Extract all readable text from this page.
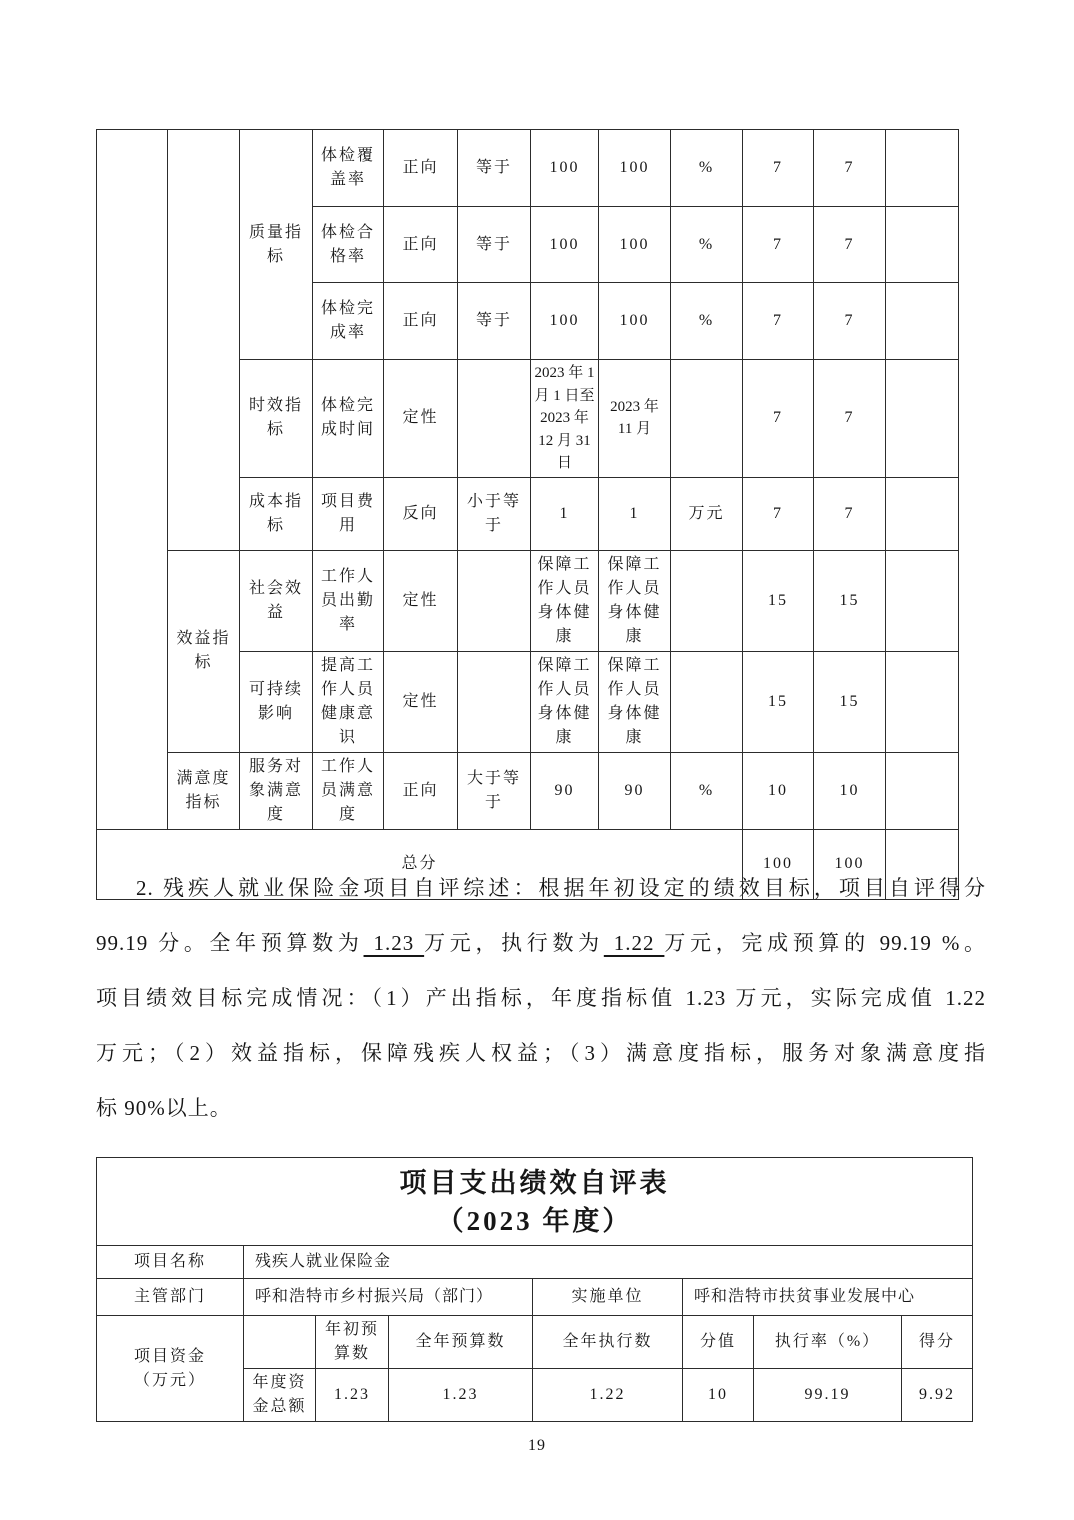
		质量指标	体检覆盖率	正向	等于	100	100	%	7	7	
			体检合格率	正向	等于	100	100	%	7	7	
			体检完成率	正向	等于	100	100	%	7	7	
		时效指标	体检完成时间	定性		2023 年 1 月 1 日至 2023 年 12 月 31 日	2023 年 11 月		7	7	
		成本指标	项目费用	反向	小于等于	1	1	万元	7	7	
	效益指标	社会效益	工作人员出勤率	定性		保障工作人员身体健康	保障工作人员身体健康		15	15	
		可持续影响	提高工作人员健康意识	定性		保障工作人员身体健康	保障工作人员身体健康		15	15	
	满意度指标	服务对象满意度	工作人员满意度	正向	大于等于	90	90	%	10	10	
总分									100	100	
2. 残疾人就业保险金项目自评综述：根据年初设定的绩效目标，项目自评得分
99.19 分。全年预算数为 1.23 万元，执行数为 1.22 万元，完成预算的 99.19 %。
项目绩效目标完成情况：（1）产出指标，年度指标值 1.23 万元，实际完成值 1.22
万元；（2）效益指标，保障残疾人权益；（3）满意度指标，服务对象满意度指
标 90%以上。
项目支出绩效自评表
（2023 年度）							

项目名称	残疾人就业保险金						
主管部门	呼和浩特市乡村振兴局（部门）			实施单位	呼和浩特市扶贫事业发展中心		

项目资金
（万元）		年初预算数	全年预算数	全年执行数	分值	执行率（%）	得分
	年度资金总额	1.23	1.23	1.22	10	99.19	9.92
19
